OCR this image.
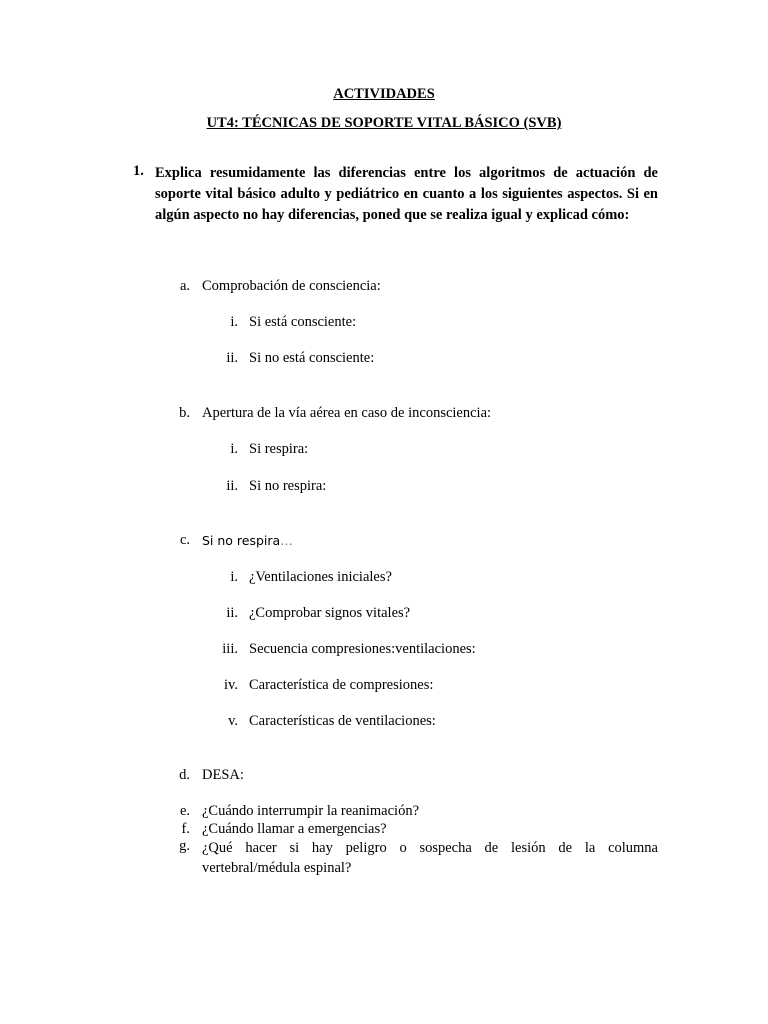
ACTIVIDADES
UT4: TÉCNICAS DE SOPORTE VITAL BÁSICO (SVB)
1. Explica resumidamente las diferencias entre los algoritmos de actuación de soporte vital básico adulto y pediátrico en cuanto a los siguientes aspectos. Si en algún aspecto no hay diferencias, poned que se realiza igual y explicad cómo:
a. Comprobación de consciencia:
i. Si está consciente:
ii. Si no está consciente:
b. Apertura de la vía aérea en caso de inconsciencia:
i. Si respira:
ii. Si no respira:
c. Si no respira…
i. ¿Ventilaciones iniciales?
ii. ¿Comprobar signos vitales?
iii. Secuencia compresiones:ventilaciones:
iv. Característica de compresiones:
v. Características de ventilaciones:
d. DESA:
e. ¿Cuándo interrumpir la reanimación?
f. ¿Cuándo llamar a emergencias?
g. ¿Qué hacer si hay peligro o sospecha de lesión de la columna vertebral/médula espinal?
